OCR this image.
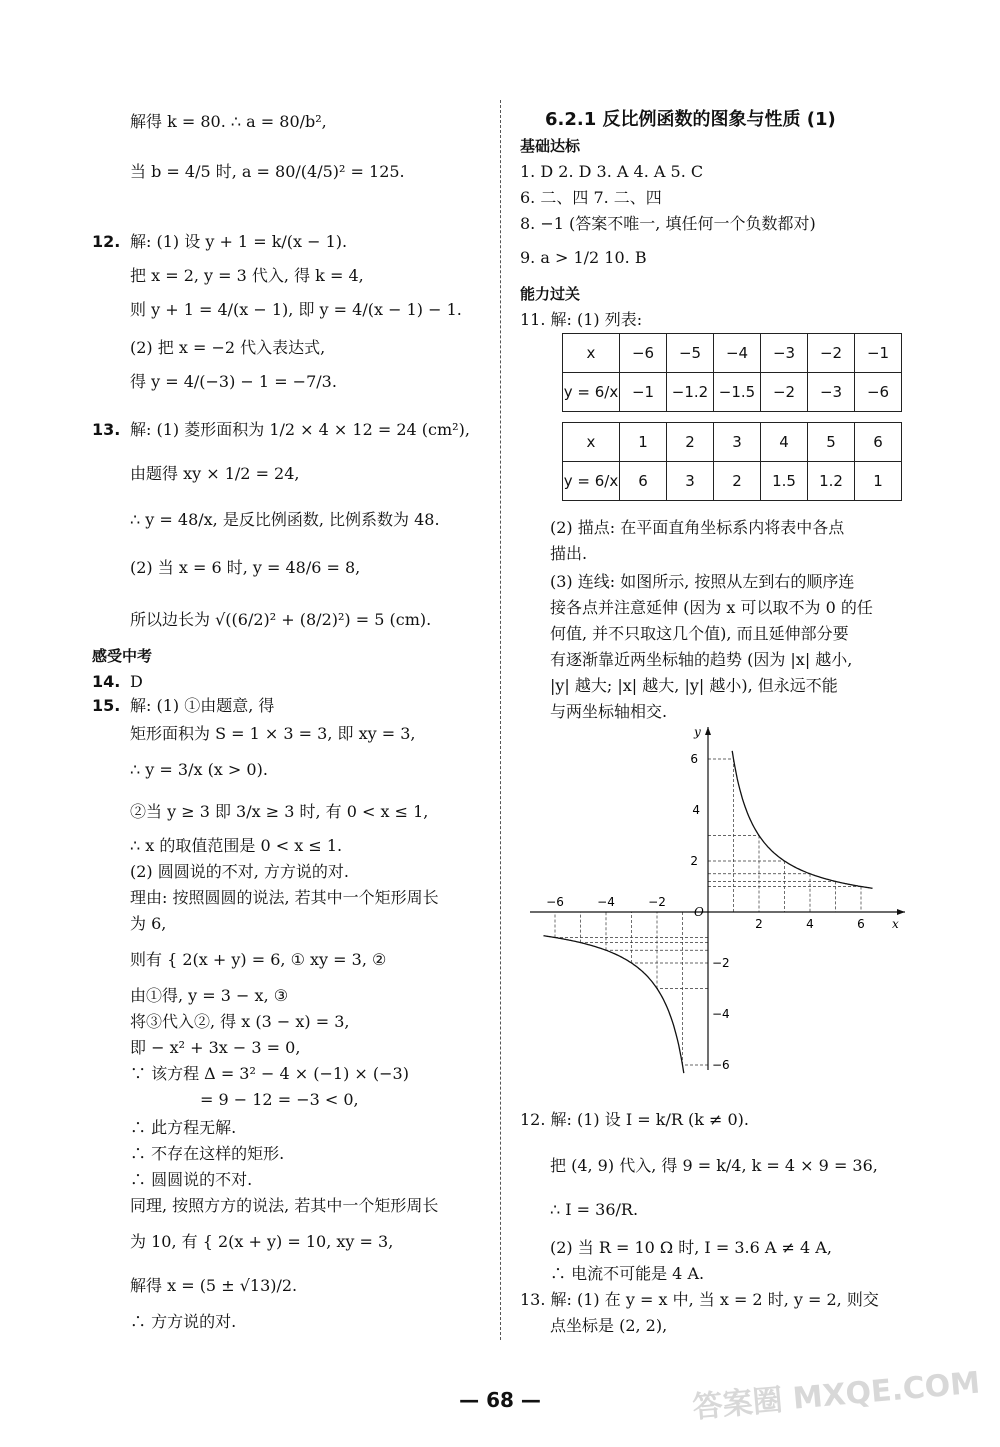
解得 k = 80. ∴ a = 80/b²,
当 b = 4/5 时, a = 80/(4/5)² = 125.
12. 解: (1) 设 y + 1 = k/(x − 1).
把 x = 2, y = 3 代入, 得 k = 4,
则 y + 1 = 4/(x − 1), 即 y = 4/(x − 1) − 1.
(2) 把 x = −2 代入表达式,
得 y = 4/(−3) − 1 = −7/3.
13. 解: (1) 菱形面积为 1/2 × 4 × 12 = 24 (cm²),
由题得 xy × 1/2 = 24,
∴ y = 48/x, 是反比例函数, 比例系数为 48.
(2) 当 x = 6 时, y = 48/6 = 8,
所以边长为 √((6/2)² + (8/2)²) = 5 (cm).
感受中考
14. D
15. 解: (1) ①由题意, 得
矩形面积为 S = 1 × 3 = 3, 即 xy = 3,
∴ y = 3/x (x > 0).
②当 y ≥ 3 即 3/x ≥ 3 时, 有 0 < x ≤ 1,
∴ x 的取值范围是 0 < x ≤ 1.
(2) 圆圆说的不对, 方方说的对.
理由: 按照圆圆的说法, 若其中一个矩形周长
为 6,
则有 { 2(x + y) = 6, ① xy = 3, ②
由①得, y = 3 − x, ③
将③代入②, 得 x (3 − x) = 3,
即 − x² + 3x − 3 = 0,
∵ 该方程 Δ = 3² − 4 × (−1) × (−3)
= 9 − 12 = −3 < 0,
∴ 此方程无解.
∴ 不存在这样的矩形.
∴ 圆圆说的不对.
同理, 按照方方的说法, 若其中一个矩形周长
为 10, 有 { 2(x + y) = 10, xy = 3,
解得 x = (5 ± √13)/2.
∴ 方方说的对.
6.2.1 反比例函数的图象与性质 (1)
基础达标
1. D 2. D 3. A 4. A 5. C
6. 二、四 7. 二、四
8. −1 (答案不唯一, 填任何一个负数都对)
9. a > 1/2 10. B
能力过关
11. 解: (1) 列表:
x	−6	−5	−4	−3	−2	−1
y = 6/x	−1	−1.2	−1.5	−2	−3	−6
x	1	2	3	4	5	6
y = 6/x	6	3	2	1.5	1.2	1
(2) 描点: 在平面直角坐标系内将表中各点
描出.
(3) 连线: 如图所示, 按照从左到右的顺序连
接各点并注意延伸 (因为 x 可以取不为 0 的任
何值, 并不只取这几个值), 而且延伸部分要
有逐渐靠近两坐标轴的趋势 (因为 |x| 越小,
|y| 越大; |x| 越大, |y| 越小), 但永远不能
与两坐标轴相交.
−6	−4	−2
2	4	6
6
4
2
−2
−4
−6
y
x
O
12. 解: (1) 设 I = k/R (k ≠ 0).
把 (4, 9) 代入, 得 9 = k/4, k = 4 × 9 = 36,
∴ I = 36/R.
(2) 当 R = 10 Ω 时, I = 3.6 A ≠ 4 A,
∴ 电流不可能是 4 A.
13. 解: (1) 在 y = x 中, 当 x = 2 时, y = 2, 则交
点坐标是 (2, 2),
— 68 —	答案圈 MXQE.COM
